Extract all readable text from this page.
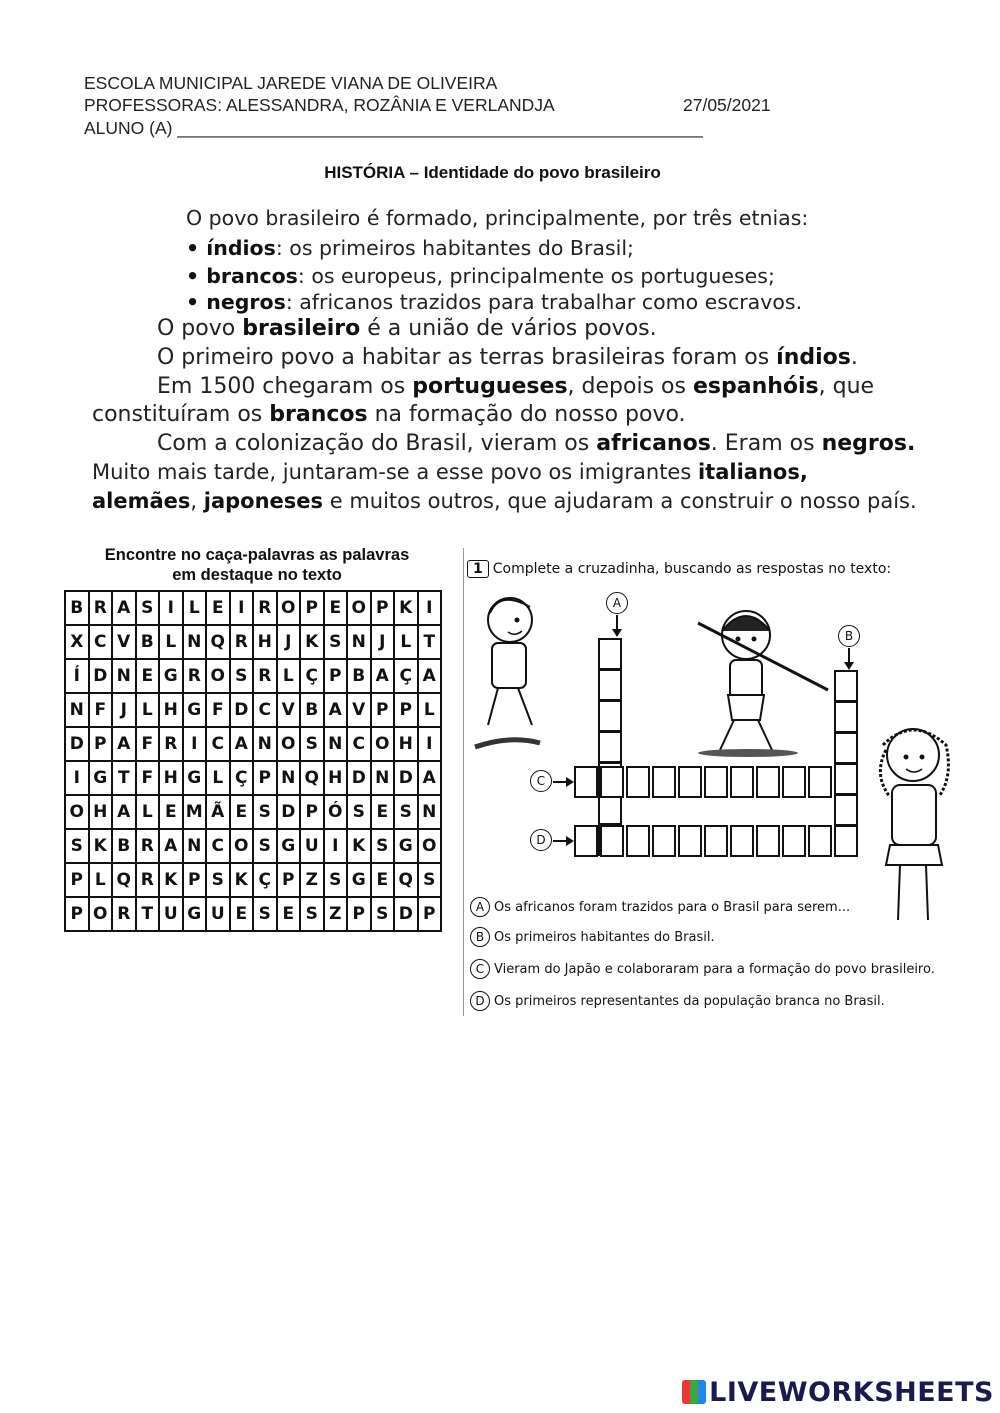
ESCOLA MUNICIPAL JAREDE VIANA DE OLIVEIRA
PROFESSORAS: ALESSANDRA, ROZÂNIA E VERLANDJA	27/05/2021
ALUNO (A) ______________________________________________________
HISTÓRIA – Identidade do povo brasileiro
O povo brasileiro é formado, principalmente, por três etnias:
• índios: os primeiros habitantes do Brasil;
• brancos: os europeus, principalmente os portugueses;
• negros: africanos trazidos para trabalhar como escravos.
O povo brasileiro é a união de vários povos.
O primeiro povo a habitar as terras brasileiras foram os índios.
Em 1500 chegaram os portugueses, depois os espanhóis, que
constituíram os brancos na formação do nosso povo.
Com a colonização do Brasil, vieram os africanos. Eram os negros.
Muito mais tarde, juntaram-se a esse povo os imigrantes italianos,
alemães, japoneses e muitos outros, que ajudaram a construir o nosso país.
Encontre no caça-palavras as palavras
em destaque no texto
B	R	A	S	I	L	E	I	R	O	P	E	O	P	K	I
X	C	V	B	L	N	Q	R	H	J	K	S	N	J	L	T
Í	D	N	E	G	R	O	S	R	L	Ç	P	B	A	Ç	A
N	F	J	L	H	G	F	D	C	V	B	A	V	P	P	L
D	P	A	F	R	I	C	A	N	O	S	N	C	O	H	I
I	G	T	F	H	G	L	Ç	P	N	Q	H	D	N	D	A
O	H	A	L	E	M	Ã	E	S	D	P	Ó	S	E	S	N
S	K	B	R	A	N	C	O	S	G	U	I	K	S	G	O
P	L	Q	R	K	P	S	K	Ç	P	Z	S	G	E	Q	S
P	O	R	T	U	G	U	E	S	E	S	Z	P	S	D	P
1 Complete a cruzadinha, buscando as respostas no texto:
A
B
C
D
A Os africanos foram trazidos para o Brasil para serem...
B Os primeiros habitantes do Brasil.
C Vieram do Japão e colaboraram para a formação do povo brasileiro.
D Os primeiros representantes da população branca no Brasil.
LIVEWORKSHEETS
